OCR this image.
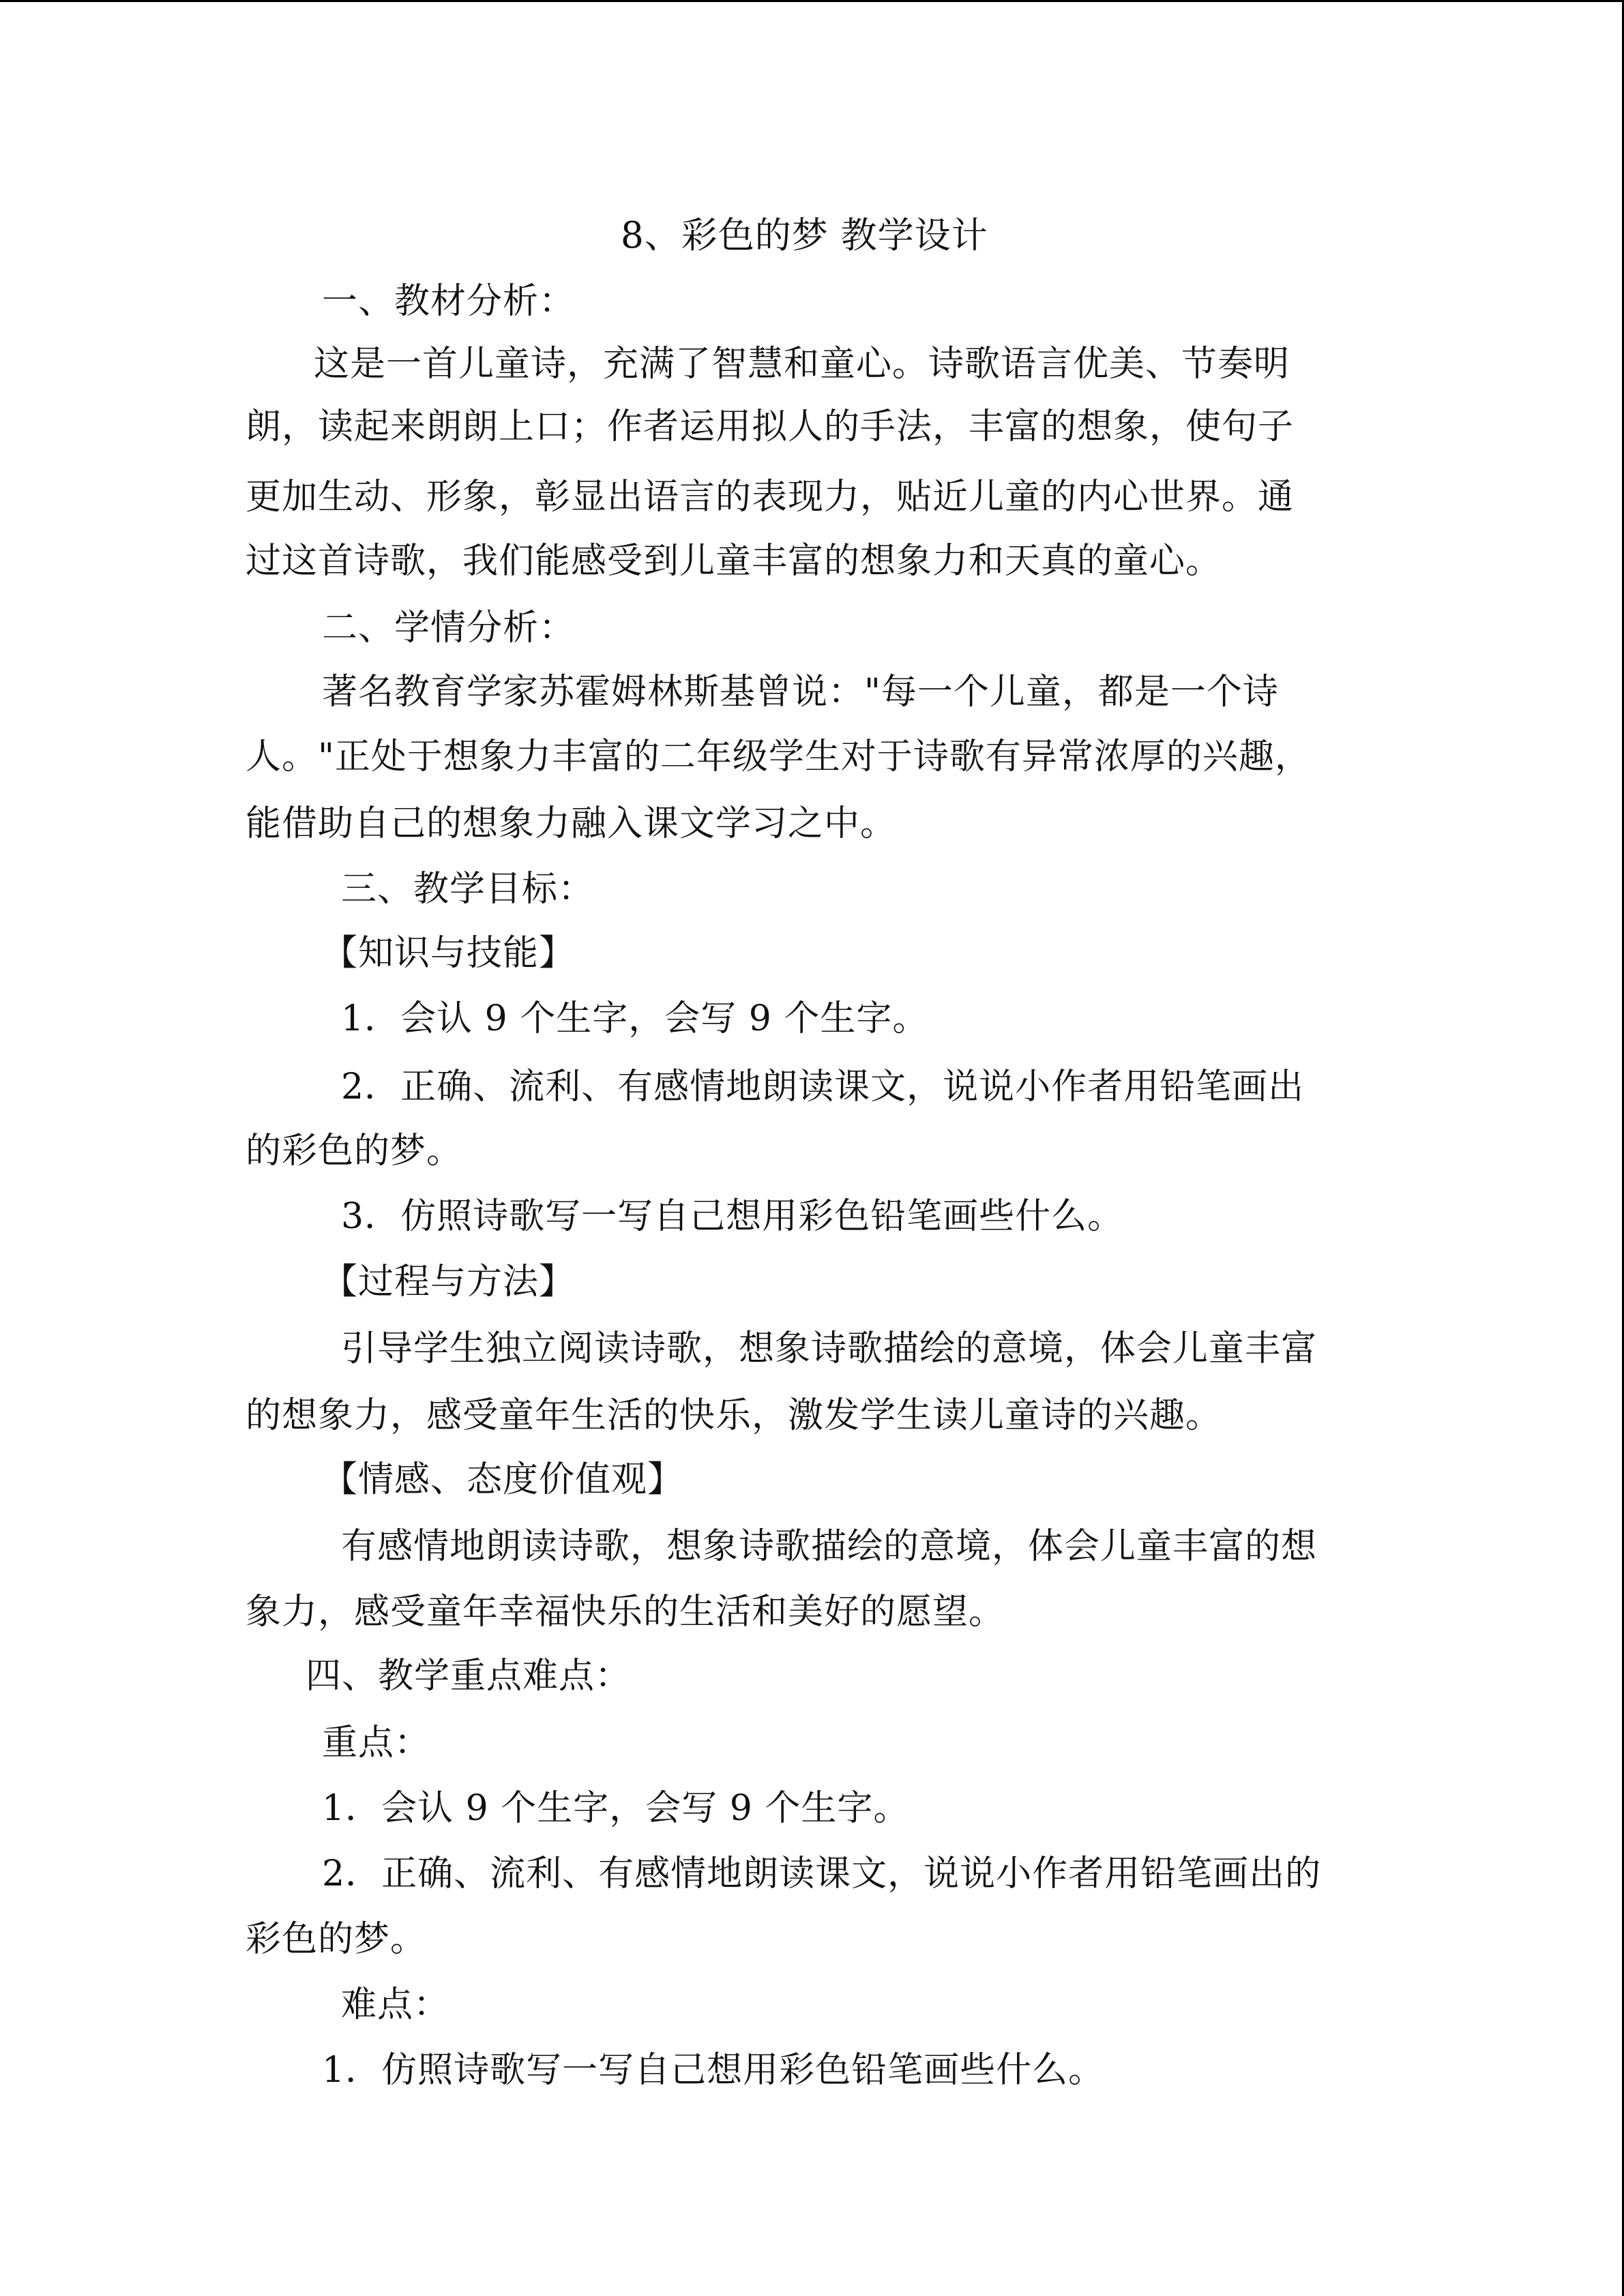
8、彩色的梦 教学设计
一、教材分析：
这是一首儿童诗，充满了智慧和童心。诗歌语言优美、节奏明
朗，读起来朗朗上口；作者运用拟人的手法，丰富的想象，使句子
更加生动、形象，彰显出语言的表现力，贴近儿童的内心世界。通
过这首诗歌，我们能感受到儿童丰富的想象力和天真的童心。
二、学情分析：
著名教育学家苏霍姆林斯基曾说："每一个儿童，都是一个诗
人。"正处于想象力丰富的二年级学生对于诗歌有异常浓厚的兴趣，
能借助自己的想象力融入课文学习之中。
三、教学目标：
【知识与技能】
1．会认 9 个生字，会写 9 个生字。
2．正确、流利、有感情地朗读课文，说说小作者用铅笔画出
的彩色的梦。
3．仿照诗歌写一写自己想用彩色铅笔画些什么。
【过程与方法】
引导学生独立阅读诗歌，想象诗歌描绘的意境，体会儿童丰富
的想象力，感受童年生活的快乐，激发学生读儿童诗的兴趣。
【情感、态度价值观】
有感情地朗读诗歌，想象诗歌描绘的意境，体会儿童丰富的想
象力，感受童年幸福快乐的生活和美好的愿望。
四、教学重点难点：
重点：
1．会认 9 个生字，会写 9 个生字。
2．正确、流利、有感情地朗读课文，说说小作者用铅笔画出的
彩色的梦。
难点：
1．仿照诗歌写一写自己想用彩色铅笔画些什么。
